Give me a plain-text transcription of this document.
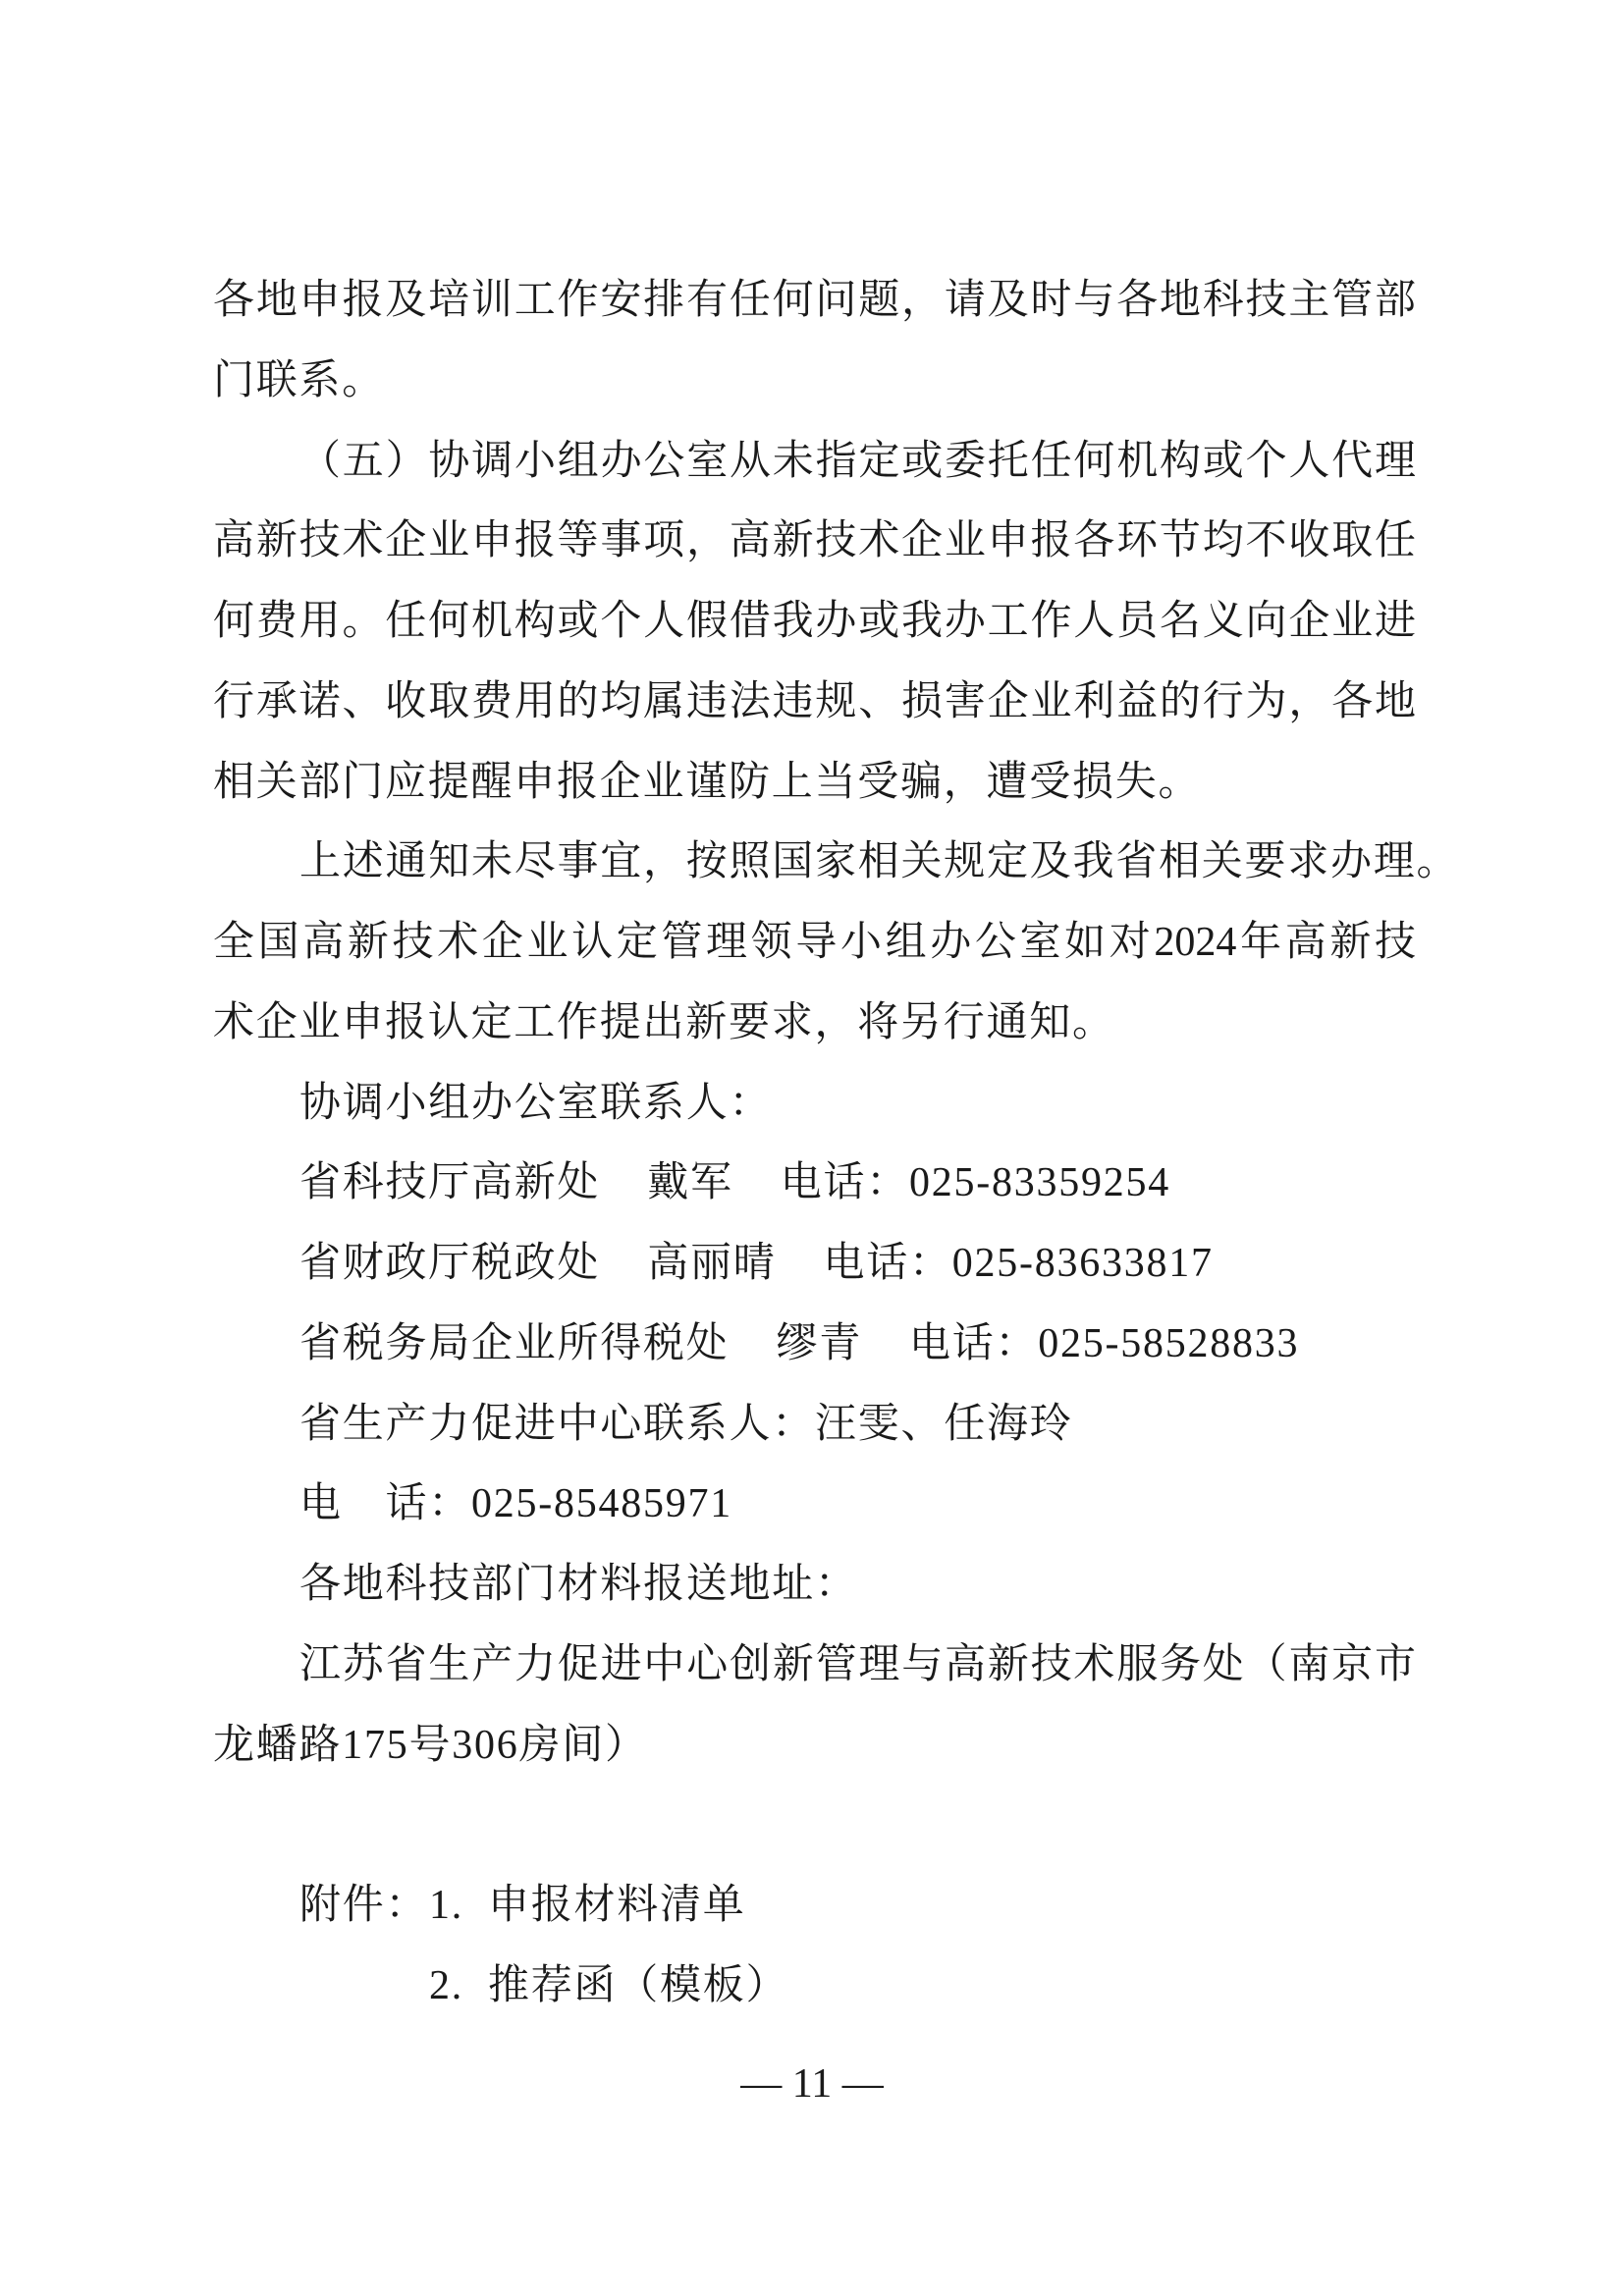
各地申报及培训工作安排有任何问题，请及时与各地科技主管部
门联系。
（五）协调小组办公室从未指定或委托任何机构或个人代理
高新技术企业申报等事项，高新技术企业申报各环节均不收取任
何费用。任何机构或个人假借我办或我办工作人员名义向企业进
行承诺、收取费用的均属违法违规、损害企业利益的行为，各地
相关部门应提醒申报企业谨防上当受骗，遭受损失。
上述通知未尽事宜，按照国家相关规定及我省相关要求办理。
全国高新技术企业认定管理领导小组办公室如对2024年高新技
术企业申报认定工作提出新要求，将另行通知。
协调小组办公室联系人：
省科技厅高新处 戴军 电话：025-83359254
省财政厅税政处 高丽晴 电话：025-83633817
省税务局企业所得税处 缪青 电话：025-58528833
省生产力促进中心联系人：汪雯、任海玲
电　话：025-85485971
各地科技部门材料报送地址：
江苏省生产力促进中心创新管理与高新技术服务处（南京市
龙蟠路175号306房间）
附件：1. 申报材料清单
2. 推荐函（模板）
— 11 —
